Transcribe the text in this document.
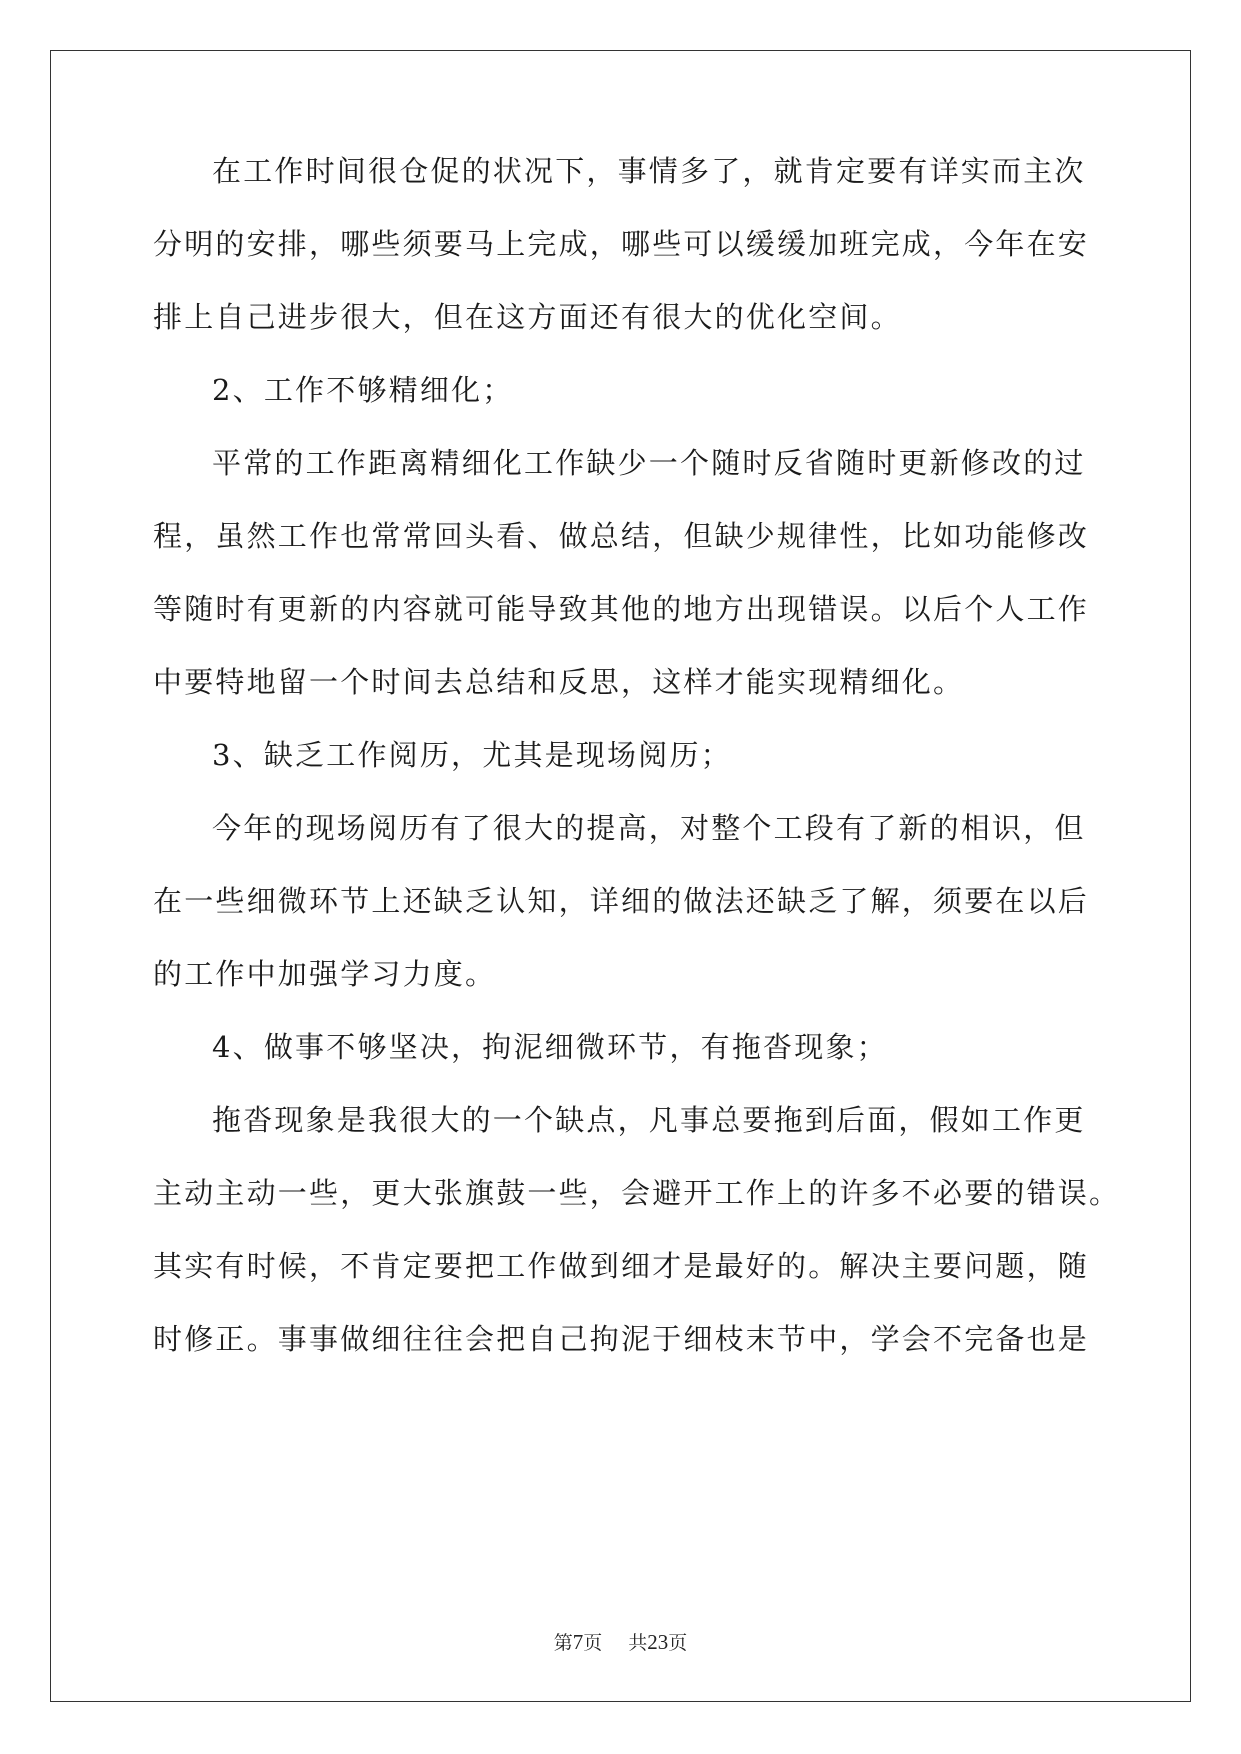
在工作时间很仓促的状况下，事情多了，就肯定要有详实而主次
分明的安排，哪些须要马上完成，哪些可以缓缓加班完成，今年在安
排上自己进步很大，但在这方面还有很大的优化空间。
2、工作不够精细化；
平常的工作距离精细化工作缺少一个随时反省随时更新修改的过
程，虽然工作也常常回头看、做总结，但缺少规律性，比如功能修改
等随时有更新的内容就可能导致其他的地方出现错误。以后个人工作
中要特地留一个时间去总结和反思，这样才能实现精细化。
3、缺乏工作阅历，尤其是现场阅历；
今年的现场阅历有了很大的提高，对整个工段有了新的相识，但
在一些细微环节上还缺乏认知，详细的做法还缺乏了解，须要在以后
的工作中加强学习力度。
4、做事不够坚决，拘泥细微环节，有拖沓现象；
拖沓现象是我很大的一个缺点，凡事总要拖到后面，假如工作更
主动主动一些，更大张旗鼓一些，会避开工作上的许多不必要的错误。
其实有时候，不肯定要把工作做到细才是最好的。解决主要问题，随
时修正。事事做细往往会把自己拘泥于细枝末节中，学会不完备也是
第7页 共23页
